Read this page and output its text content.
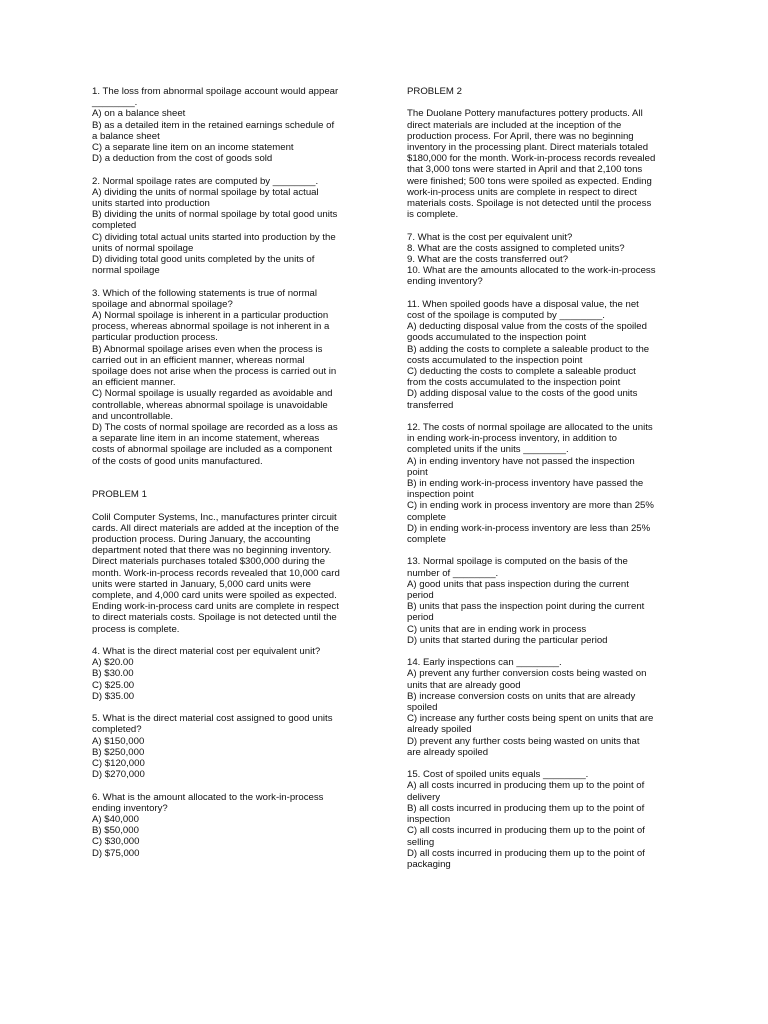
1. The loss from abnormal spoilage account would appear
________.
A) on a balance sheet
B) as a detailed item in the retained earnings schedule of
a balance sheet
C) a separate line item on an income statement
D) a deduction from the cost of goods sold
2. Normal spoilage rates are computed by ________.
A) dividing the units of normal spoilage by total actual
units started into production
B) dividing the units of normal spoilage by total good units
completed
C) dividing total actual units started into production by the
units of normal spoilage
D) dividing total good units completed by the units of
normal spoilage
3. Which of the following statements is true of normal
spoilage and abnormal spoilage?
A) Normal spoilage is inherent in a particular production
process, whereas abnormal spoilage is not inherent in a
particular production process.
B) Abnormal spoilage arises even when the process is
carried out in an efficient manner, whereas normal
spoilage does not arise when the process is carried out in
an efficient manner.
C) Normal spoilage is usually regarded as avoidable and
controllable, whereas abnormal spoilage is unavoidable
and uncontrollable.
D) The costs of normal spoilage are recorded as a loss as
a separate line item in an income statement, whereas
costs of abnormal spoilage are included as a component
of the costs of good units manufactured.
PROBLEM 1
Colil Computer Systems, Inc., manufactures printer circuit
cards. All direct materials are added at the inception of the
production process. During January, the accounting
department noted that there was no beginning inventory.
Direct materials purchases totaled $300,000 during the
month. Work-in-process records revealed that 10,000 card
units were started in January, 5,000 card units were
complete, and 4,000 card units were spoiled as expected.
Ending work-in-process card units are complete in respect
to direct materials costs. Spoilage is not detected until the
process is complete.
4. What is the direct material cost per equivalent unit?
A) $20.00
B) $30.00
C) $25.00
D) $35.00
5. What is the direct material cost assigned to good units
completed?
A) $150,000
B) $250,000
C) $120,000
D) $270,000
6. What is the amount allocated to the work-in-process
ending inventory?
A) $40,000
B) $50,000
C) $30,000
D) $75,000
PROBLEM 2
The Duolane Pottery manufactures pottery products. All
direct materials are included at the inception of the
production process. For April, there was no beginning
inventory in the processing plant. Direct materials totaled
$180,000 for the month. Work-in-process records revealed
that 3,000 tons were started in April and that 2,100 tons
were finished; 500 tons were spoiled as expected. Ending
work-in-process units are complete in respect to direct
materials costs. Spoilage is not detected until the process
is complete.
7. What is the cost per equivalent unit?
8. What are the costs assigned to completed units?
9. What are the costs transferred out?
10. What are the amounts allocated to the work-in-process
ending inventory?
11. When spoiled goods have a disposal value, the net
cost of the spoilage is computed by ________.
A) deducting disposal value from the costs of the spoiled
goods accumulated to the inspection point
B) adding the costs to complete a saleable product to the
costs accumulated to the inspection point
C) deducting the costs to complete a saleable product
from the costs accumulated to the inspection point
D) adding disposal value to the costs of the good units
transferred
12. The costs of normal spoilage are allocated to the units
in ending work-in-process inventory, in addition to
completed units if the units ________.
A) in ending inventory have not passed the inspection
point
B) in ending work-in-process inventory have passed the
inspection point
C) in ending work in process inventory are more than 25%
complete
D) in ending work-in-process inventory are less than 25%
complete
13. Normal spoilage is computed on the basis of the
number of ________.
A) good units that pass inspection during the current
period
B) units that pass the inspection point during the current
period
C) units that are in ending work in process
D) units that started during the particular period
14. Early inspections can ________.
A) prevent any further conversion costs being wasted on
units that are already good
B) increase conversion costs on units that are already
spoiled
C) increase any further costs being spent on units that are
already spoiled
D) prevent any further costs being wasted on units that
are already spoiled
15. Cost of spoiled units equals ________.
A) all costs incurred in producing them up to the point of
delivery
B) all costs incurred in producing them up to the point of
inspection
C) all costs incurred in producing them up to the point of
selling
D) all costs incurred in producing them up to the point of
packaging
